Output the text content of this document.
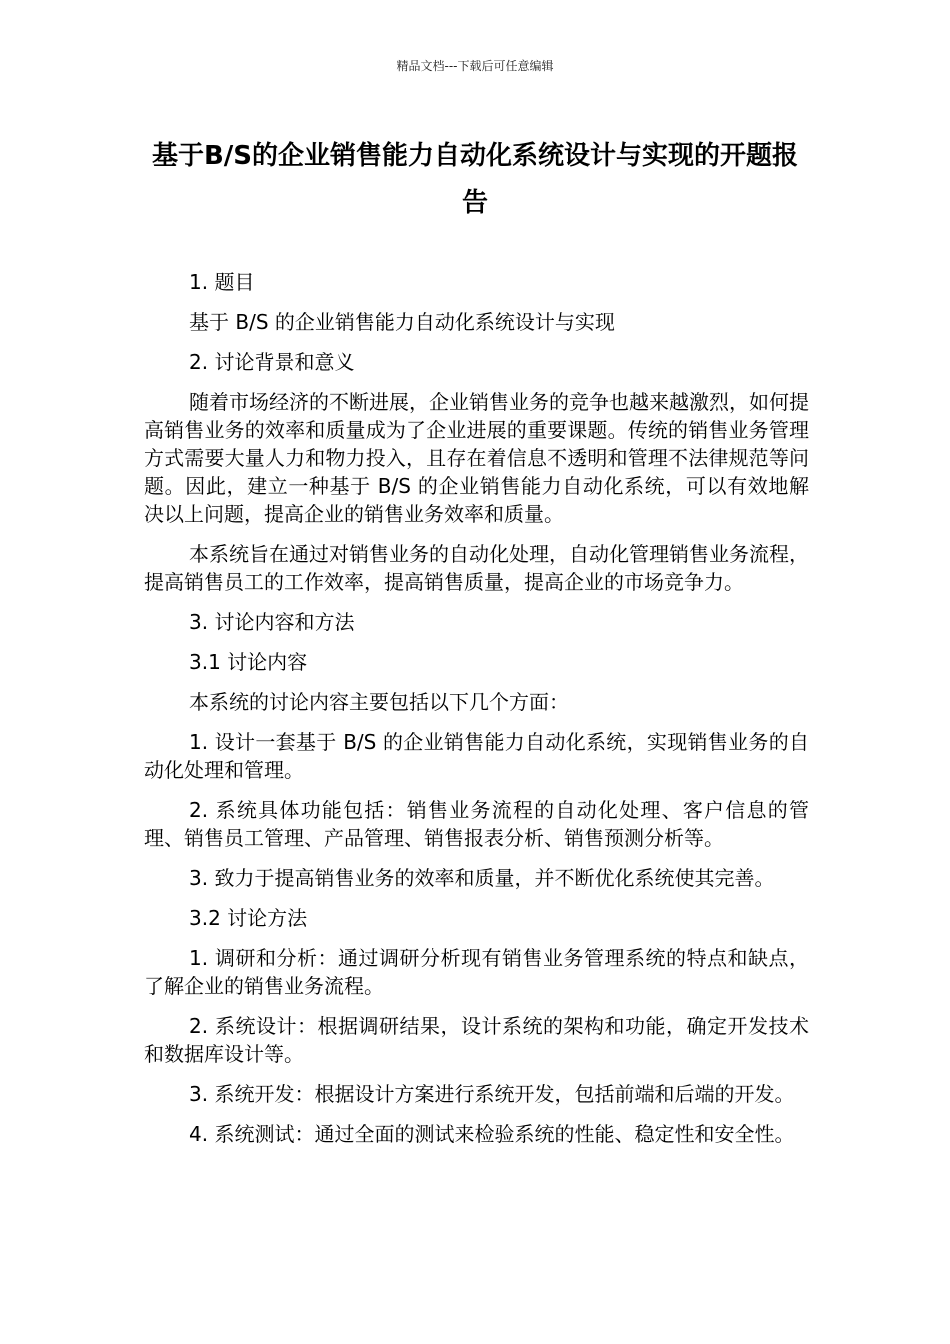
精品文档---下载后可任意编辑
基于B/S的企业销售能力自动化系统设计与实现的开题报告

1. 题目

基于 B/S 的企业销售能力自动化系统设计与实现

2. 讨论背景和意义

随着市场经济的不断进展，企业销售业务的竞争也越来越激烈，如何提高销售业务的效率和质量成为了企业进展的重要课题。传统的销售业务管理方式需要大量人力和物力投入，且存在着信息不透明和管理不法律规范等问题。因此，建立一种基于 B/S 的企业销售能力自动化系统，可以有效地解决以上问题，提高企业的销售业务效率和质量。

本系统旨在通过对销售业务的自动化处理，自动化管理销售业务流程，提高销售员工的工作效率，提高销售质量，提高企业的市场竞争力。

3. 讨论内容和方法

3.1 讨论内容

本系统的讨论内容主要包括以下几个方面：

1. 设计一套基于 B/S 的企业销售能力自动化系统，实现销售业务的自动化处理和管理。

2. 系统具体功能包括：销售业务流程的自动化处理、客户信息的管理、销售员工管理、产品管理、销售报表分析、销售预测分析等。

3. 致力于提高销售业务的效率和质量，并不断优化系统使其完善。

3.2 讨论方法

1. 调研和分析：通过调研分析现有销售业务管理系统的特点和缺点，了解企业的销售业务流程。

2. 系统设计：根据调研结果，设计系统的架构和功能，确定开发技术和数据库设计等。

3. 系统开发：根据设计方案进行系统开发，包括前端和后端的开发。

4. 系统测试：通过全面的测试来检验系统的性能、稳定性和安全性。
